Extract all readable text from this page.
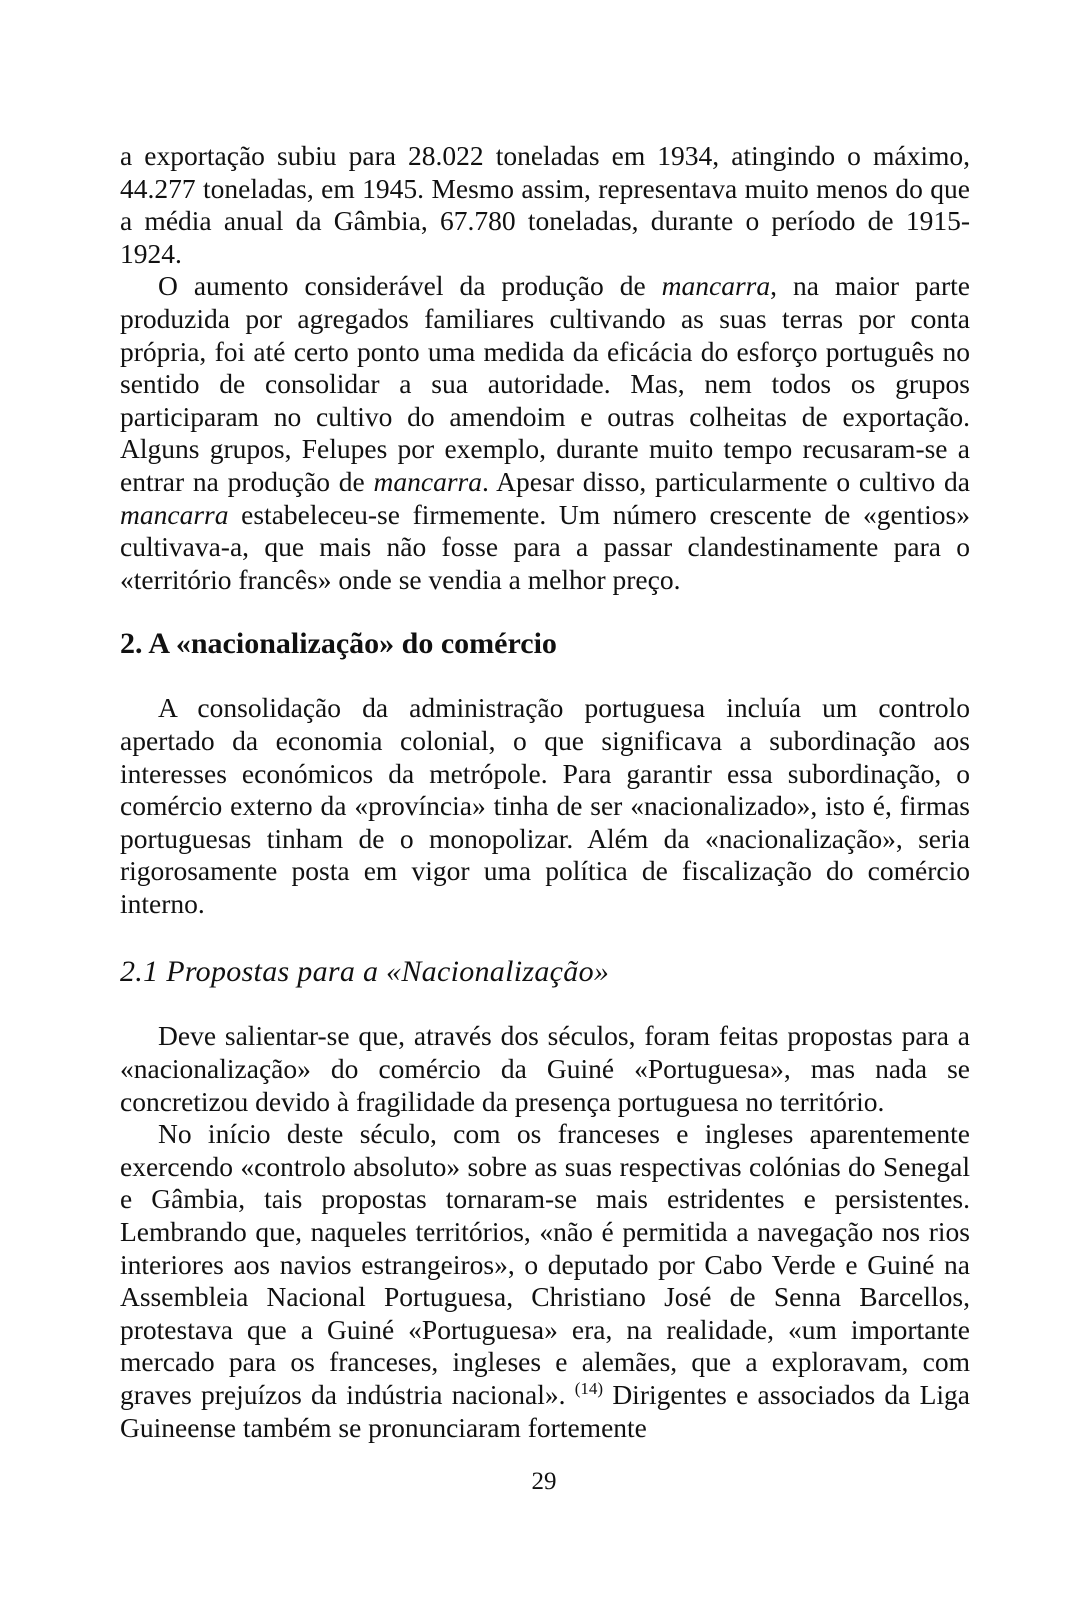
a exportação subiu para 28.022 toneladas em 1934, atingindo o máximo, 44.277 toneladas, em 1945. Mesmo assim, representava muito menos do que a média anual da Gâmbia, 67.780 toneladas, durante o período de 1915-1924.

O aumento considerável da produção de mancarra, na maior parte produzida por agregados familiares cultivando as suas terras por conta própria, foi até certo ponto uma medida da eficácia do esforço português no sentido de consolidar a sua autoridade. Mas, nem todos os grupos participaram no cultivo do amendoim e outras colheitas de exportação. Alguns grupos, Felupes por exemplo, durante muito tempo recusaram-se a entrar na produção de mancarra. Apesar disso, particularmente o cultivo da mancarra estabeleceu-se firmemente. Um número crescente de «gentios» cultivava-a, que mais não fosse para a passar clandestinamente para o «território francês» onde se vendia a melhor preço.

2. A «nacionalização» do comércio

A consolidação da administração portuguesa incluía um controlo apertado da economia colonial, o que significava a subordinação aos interesses económicos da metrópole. Para garantir essa subordinação, o comércio externo da «província» tinha de ser «nacionalizado», isto é, firmas portuguesas tinham de o monopolizar. Além da «nacionalização», seria rigorosamente posta em vigor uma política de fiscalização do comércio interno.

2.1 Propostas para a «Nacionalização»

Deve salientar-se que, através dos séculos, foram feitas propostas para a «nacionalização» do comércio da Guiné «Portuguesa», mas nada se concretizou devido à fragilidade da presença portuguesa no território.

No início deste século, com os franceses e ingleses aparentemente exercendo «controlo absoluto» sobre as suas respectivas colónias do Senegal e Gâmbia, tais propostas tornaram-se mais estridentes e persistentes. Lembrando que, naqueles territórios, «não é permitida a navegação nos rios interiores aos navios estrangeiros», o deputado por Cabo Verde e Guiné na Assembleia Nacional Portuguesa, Christiano José de Senna Barcellos, protestava que a Guiné «Portuguesa» era, na realidade, «um importante mercado para os franceses, ingleses e alemães, que a exploravam, com graves prejuízos da indústria nacional». $^{(14)}$ Dirigentes e associados da Liga Guineense também se pronunciaram fortemente

29
